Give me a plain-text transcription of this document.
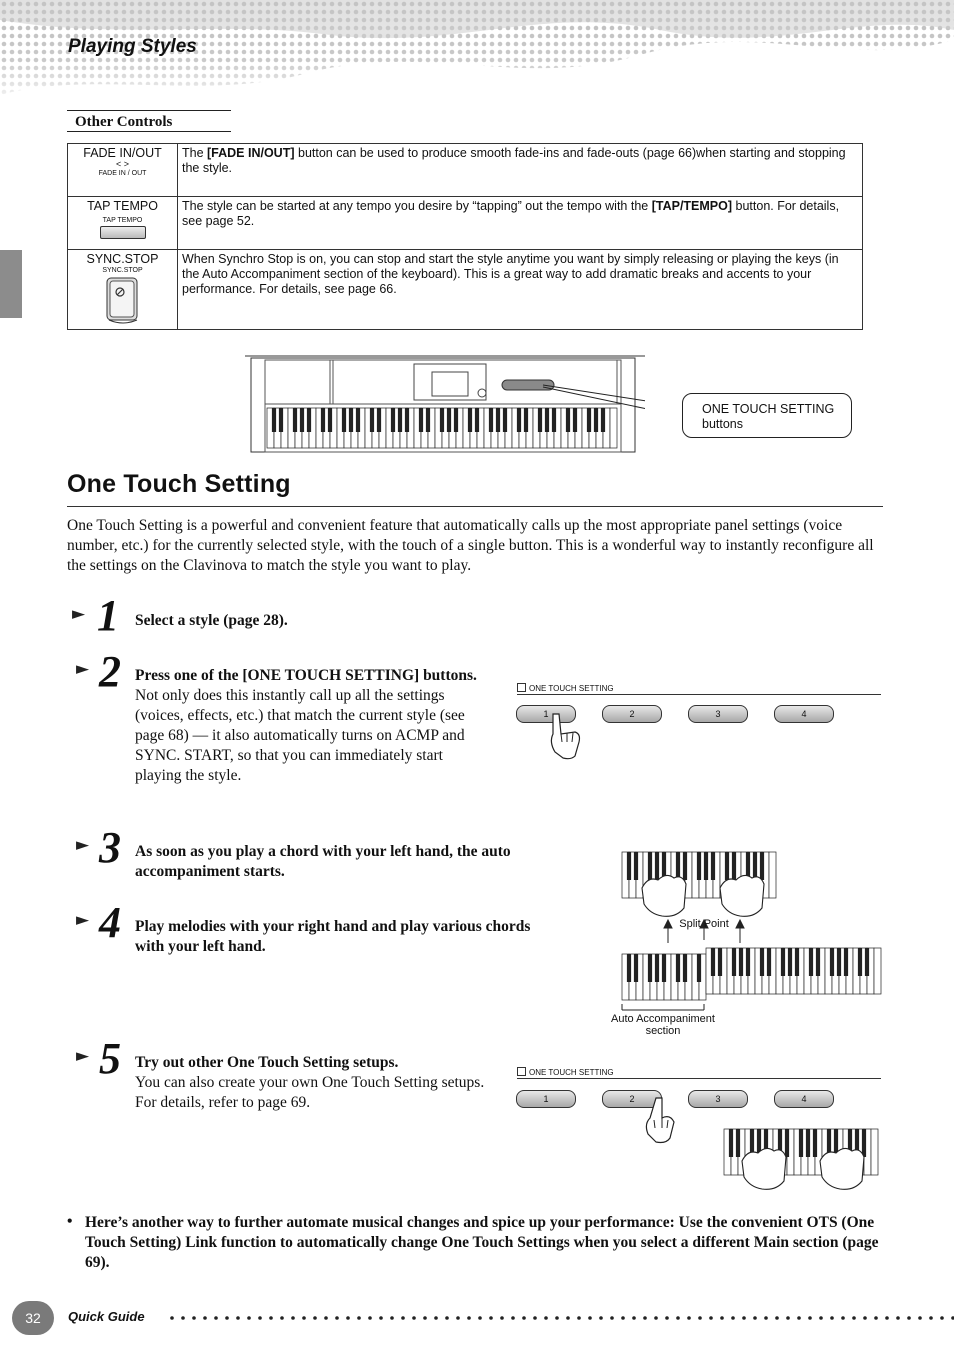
Playing Styles
Other Controls
FADE IN/OUT
< >
FADE IN / OUT	The [FADE IN/OUT] button can be used to produce smooth fade-ins and fade-outs (page 66)when starting and stopping the style.
TAP TEMPO
TAP TEMPO	The style can be started at any tempo you desire by “tapping” out the tempo with the [TAP/TEMPO] button. For details, see page 52.
SYNC.STOP
SYNC.STOP	When Synchro Stop is on, you can stop and start the style anytime you want by simply releasing or playing the keys (in the Auto Accompaniment section of the keyboard). This is a great way to add dramatic breaks and accents to your performance. For details, see page 66.
ONE TOUCH SETTING
buttons
One Touch Setting
One Touch Setting is a powerful and convenient feature that automatically calls up the most appropriate panel settings (voice number, etc.) for the currently selected style, with the touch of a single button. This is a wonderful way to instantly reconfigure all the settings on the Clavinova to match the style you want to play.
► 1 Select a style (page 28).
► 2 Press one of the [ONE TOUCH SETTING] buttons.
Not only does this instantly call up all the settings (voices, effects, etc.) that match the current style (see page 68) — it also automatically turns on ACMP and SYNC. START, so that you can immediately start playing the style.
ONE TOUCH SETTING
1	2	3	4
► 3 As soon as you play a chord with your left hand, the auto accompaniment starts.
► 4 Play melodies with your right hand and play various chords with your left hand.
Split Point
Auto Accompaniment
section
► 5 Try out other One Touch Setting setups.
You can also create your own One Touch Setting setups.
For details, refer to page 69.
ONE TOUCH SETTING
1	2	3	4
• Here’s another way to further automate musical changes and spice up your performance: Use the convenient OTS (One Touch Setting) Link function to automatically change One Touch Settings when you select a different Main section (page 69).
32	Quick Guide
